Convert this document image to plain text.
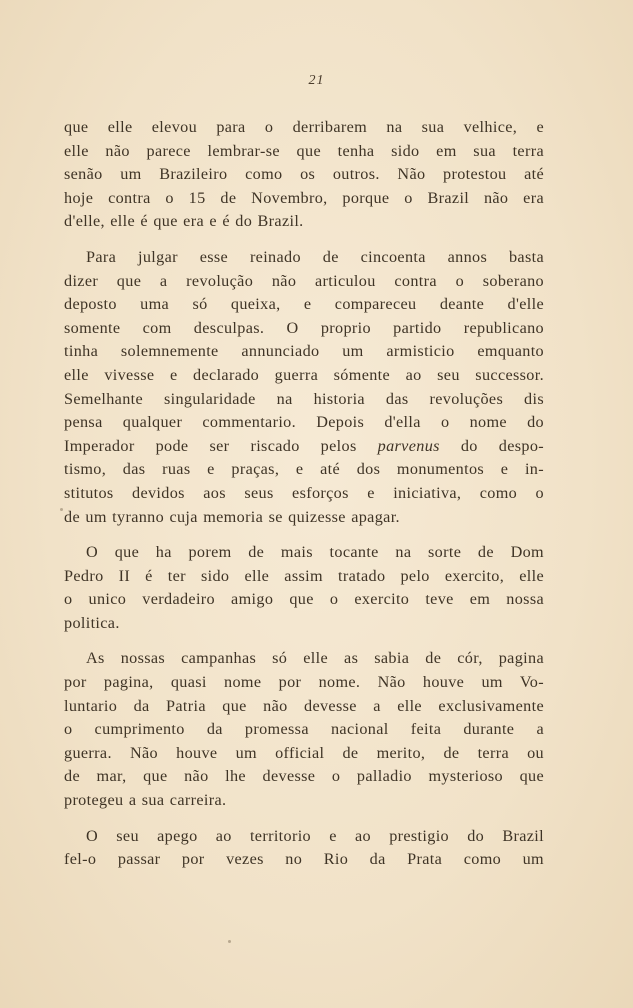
21

que elle elevou para o derribarem na sua velhice, e
elle não parece lembrar-se que tenha sido em sua terra
senão um Brazileiro como os outros. Não protestou até
hoje contra o 15 de Novembro, porque o Brazil não era
d'elle, elle é que era e é do Brazil.

Para julgar esse reinado de cincoenta annos basta
dizer que a revolução não articulou contra o soberano
deposto uma só queixa, e compareceu deante d'elle
somente com desculpas. O proprio partido republicano
tinha solemnemente annunciado um armisticio emquanto
elle vivesse e declarado guerra sómente ao seu successor.
Semelhante singularidade na historia das revoluções dis
pensa qualquer commentario. Depois d'ella o nome do
Imperador pode ser riscado pelos parvenus do despo-
tismo, das ruas e praças, e até dos monumentos e in-
stitutos devidos aos seus esforços e iniciativa, como o
de um tyranno cuja memoria se quizesse apagar.

O que ha porem de mais tocante na sorte de Dom
Pedro II é ter sido elle assim tratado pelo exercito, elle
o unico verdadeiro amigo que o exercito teve em nossa
politica.

As nossas campanhas só elle as sabia de cór, pagina
por pagina, quasi nome por nome. Não houve um Vo-
luntario da Patria que não devesse a elle exclusivamente
o cumprimento da promessa nacional feita durante a
guerra. Não houve um official de merito, de terra ou
de mar, que não lhe devesse o palladio mysterioso que
protegeu a sua carreira.

O seu apego ao territorio e ao prestigio do Brazil
fel-o passar por vezes no Rio da Prata como um
